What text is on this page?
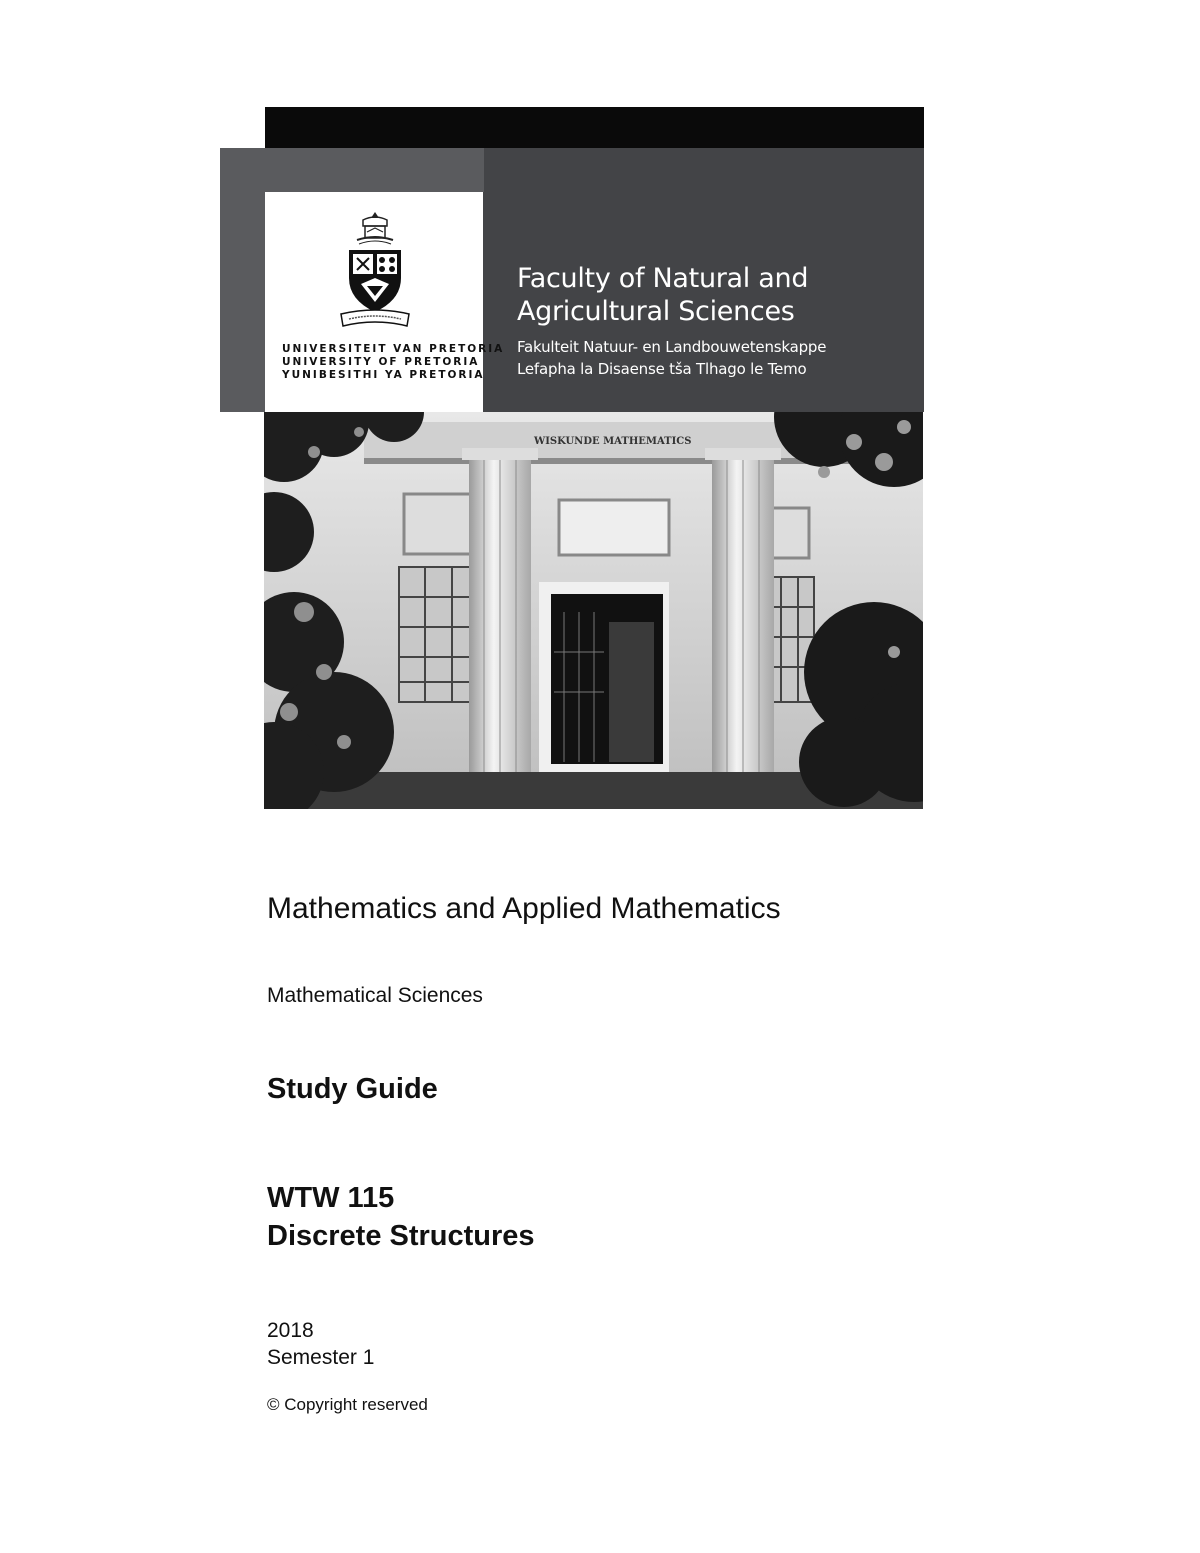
UNIVERSITEIT VAN PRETORIA
UNIVERSITY OF PRETORIA
YUNIBESITHI YA PRETORIA
Faculty of Natural and
Agricultural Sciences
Fakulteit Natuur- en Landbouwetenskappe
Lefapha la Disaense tša Tlhago le Temo
WISKUNDE MATHEMATICS
Mathematics and Applied Mathematics
Mathematical Sciences
Study Guide
WTW 115
Discrete Structures
2018
Semester 1
© Copyright reserved
